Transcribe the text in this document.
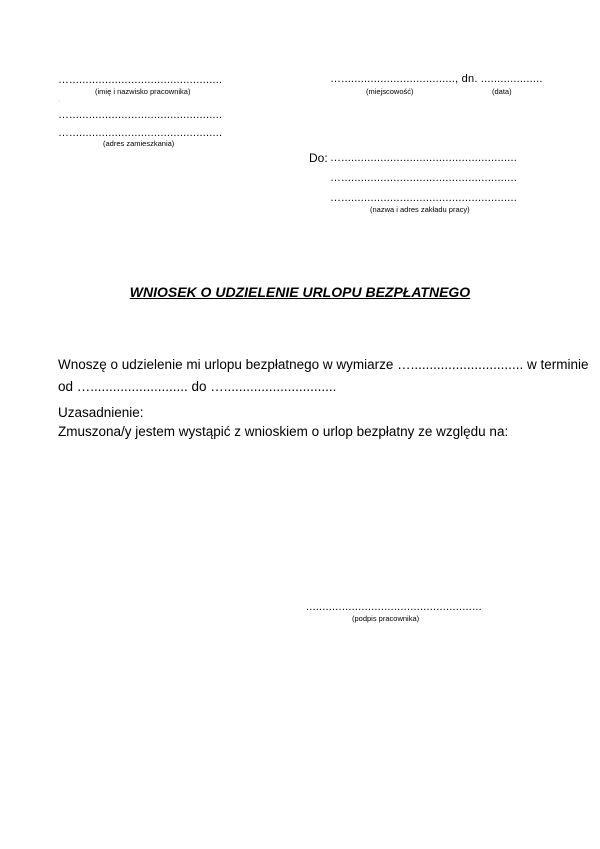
…...............................................
(imię i nazwisko pracownika)
·
…...............................................
…...............................................
(adres zamieszkania)
…..................................., dn. ...................
(miejscowość)	(data)
Do: …......................................................
…......................................................
…......................................................
(nazwa i adres zakładu pracy)
WNIOSEK O UDZIELENIE URLOPU BEZPŁATNEGO
Wnoszę o udzielenie mi urlopu bezpłatnego w wymiarze ….............................. w terminie
od ….......................... do …..............................
Uzasadnienie:
Zmuszona/y jestem wystąpić z wnioskiem o urlop bezpłatny ze względu na:
......................................................
(podpis pracownika)
